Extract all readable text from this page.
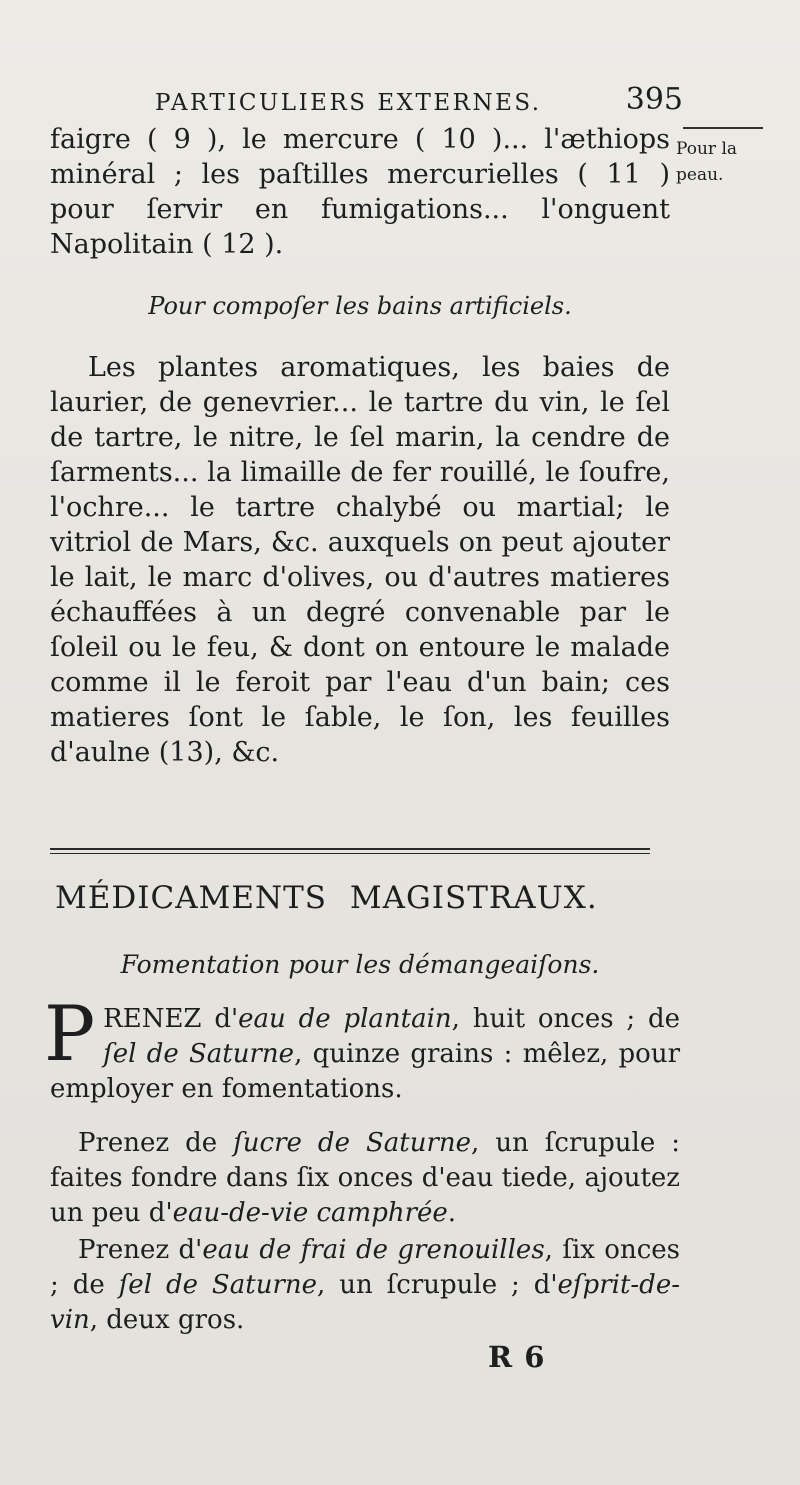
PARTICULIERS EXTERNES.	395
Pour la peau.

faigre ( 9 ), le mercure ( 10 )... l'æthiops minéral ; les paſtilles mercurielles ( 11 ) pour ſervir en fumigations... l'onguent Napolitain ( 12 ).

Pour compoſer les bains artificiels.

Les plantes aromatiques, les baies de laurier, de genevrier... le tartre du vin, le ſel de tartre, le nitre, le ſel marin, la cendre de ſarments... la limaille de fer rouillé, le ſoufre, l'ochre... le tartre chalybé ou martial; le vitriol de Mars, &c. auxquels on peut ajouter le lait, le marc d'olives, ou d'autres matieres échauffées à un degré convenable par le ſoleil ou le feu, & dont on entoure le malade comme il le feroit par l'eau d'un bain; ces matieres ſont le ſable, le ſon, les feuilles d'aulne (13), &c.

MÉDICAMENTS MAGISTRAUX.

Fomentation pour les démangeaiſons.

PRENEZ d'eau de plantain, huit onces ; de ſel de Saturne, quinze grains : mêlez, pour employer en fomentations.

Prenez de ſucre de Saturne, un ſcrupule : faites fondre dans ſix onces d'eau tiede, ajoutez un peu d'eau-de-vie camphrée.

Prenez d'eau de frai de grenouilles, ſix onces ; de ſel de Saturne, un ſcrupule ; d'eſprit-de-vin, deux gros.

R 6
